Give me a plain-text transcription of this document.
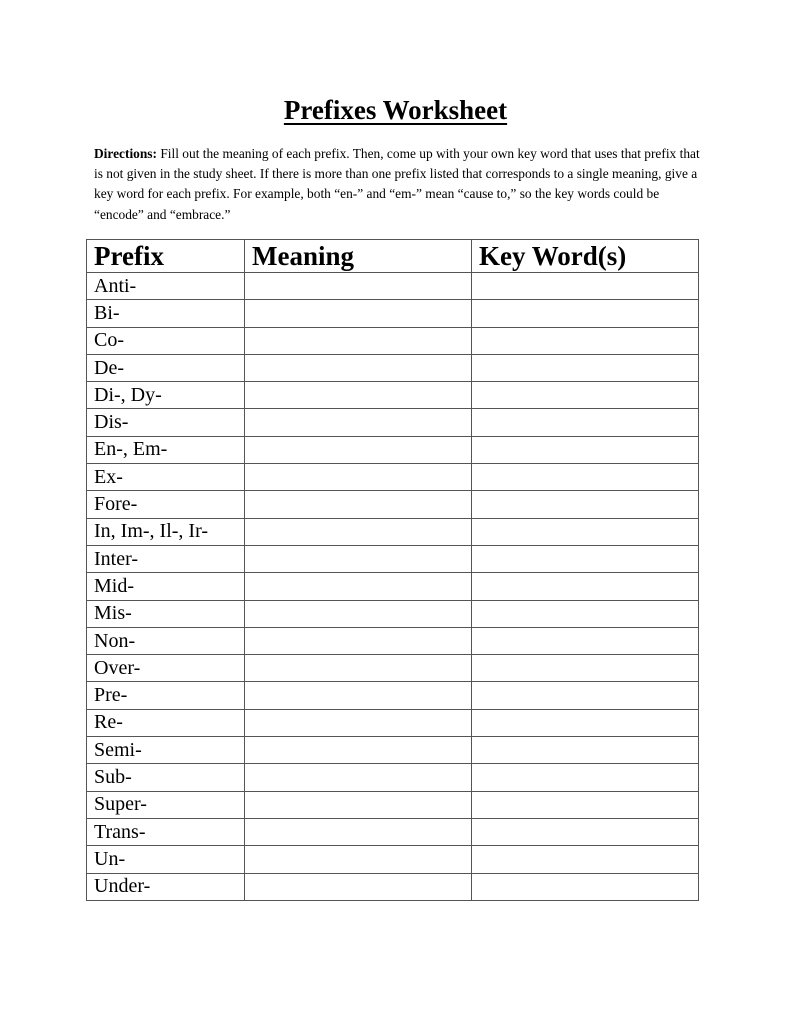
Prefixes Worksheet
Directions: Fill out the meaning of each prefix. Then, come up with your own key word that uses that prefix that is not given in the study sheet. If there is more than one prefix listed that corresponds to a single meaning, give a key word for each prefix. For example, both “en-” and “em-” mean “cause to,” so the key words could be “encode” and “embrace.”
Prefix	Meaning	Key Word(s)
Anti-		
Bi-		
Co-		
De-		
Di-, Dy-		
Dis-		
En-, Em-		
Ex-		
Fore-		
In, Im-, Il-, Ir-		
Inter-		
Mid-		
Mis-		
Non-		
Over-		
Pre-		
Re-		
Semi-		
Sub-		
Super-		
Trans-		
Un-		
Under-		
